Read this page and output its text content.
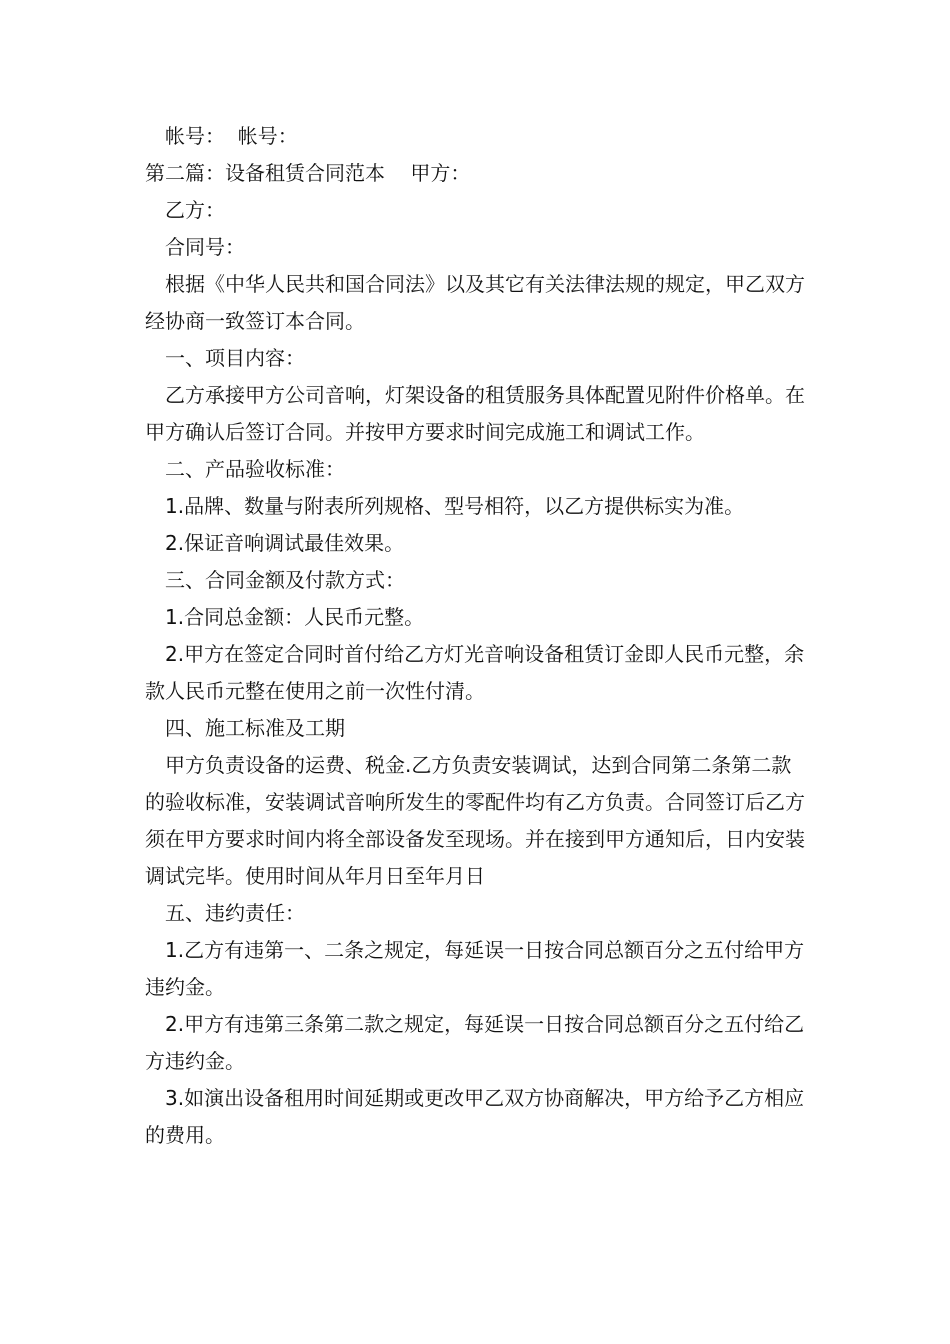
帐号：  帐号：

第二篇：设备租赁合同范本    甲方：

乙方：

合同号：

根据《中华人民共和国合同法》以及其它有关法律法规的规定，甲乙双方经协商一致签订本合同。

一、项目内容：

乙方承接甲方公司音响，灯架设备的租赁服务具体配置见附件价格单。在甲方确认后签订合同。并按甲方要求时间完成施工和调试工作。

二、产品验收标准：

1.品牌、数量与附表所列规格、型号相符，以乙方提供标实为准。

2.保证音响调试最佳效果。

三、合同金额及付款方式：

1.合同总金额：人民币元整。

2.甲方在签定合同时首付给乙方灯光音响设备租赁订金即人民币元整，余款人民币元整在使用之前一次性付清。

四、施工标准及工期

甲方负责设备的运费、税金.乙方负责安装调试，达到合同第二条第二款的验收标准，安装调试音响所发生的零配件均有乙方负责。合同签订后乙方须在甲方要求时间内将全部设备发至现场。并在接到甲方通知后，日内安装调试完毕。使用时间从年月日至年月日

五、违约责任：

1.乙方有违第一、二条之规定，每延误一日按合同总额百分之五付给甲方违约金。

2.甲方有违第三条第二款之规定，每延误一日按合同总额百分之五付给乙方违约金。

3.如演出设备租用时间延期或更改甲乙双方协商解决，甲方给予乙方相应的费用。
